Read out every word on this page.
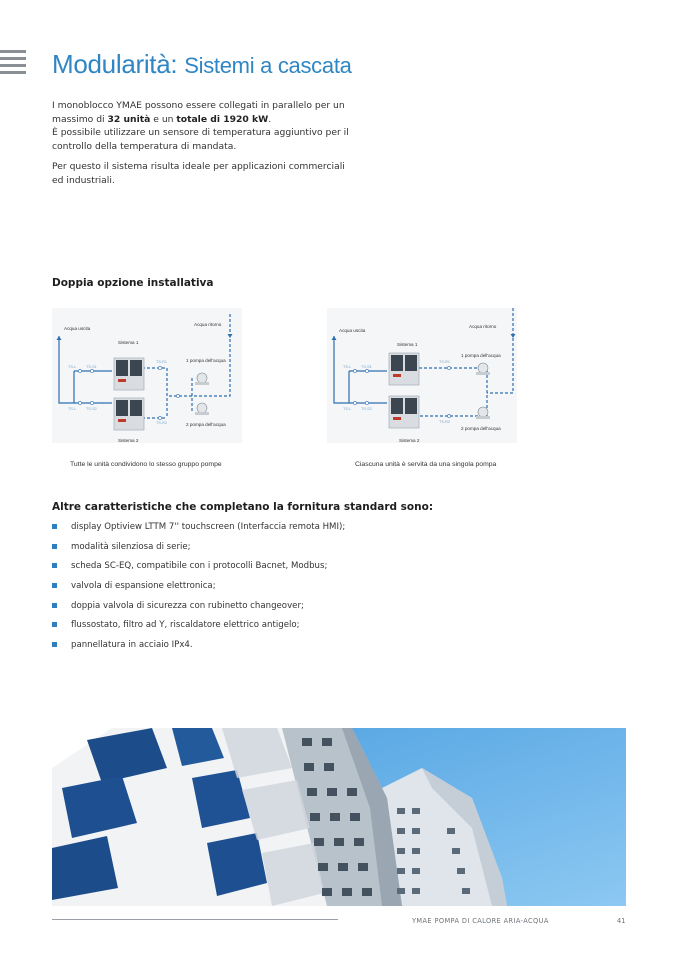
Modularità: Sistemi a cascata

I monoblocco YMAE possono essere collegati in parallelo per un massimo di 32 unità e un totale di 1920 kW.
È possibile utilizzare un sensore di temperatura aggiuntivo per il controllo della temperatura di mandata.

Per questo il sistema risulta ideale per applicazioni commerciali ed industriali.

Doppia opzione installativa
Acqua uscita
Acqua ritorno
Sistema 1
Sistema 2
1 pompa dell'acqua
2 pompa dell'acqua
TS-L	TS-S1
TS-L	TS-S2
TS-R1
TS-R2
Acqua uscita
Acqua ritorno
Sistema 1
Sistema 2
1 pompa dell'acqua
2 pompa dell'acqua
TS-L	TS-S1
TS-L	TS-S2
TS-R1
TS-R2
Tutte le unità condividono lo stesso gruppo pompe	Ciascuna unità è servita da una singola pompa
Altre caratteristiche che completano la fornitura standard sono:
display Optiview LTTM 7'' touchscreen (Interfaccia remota HMI);
modalità silenziosa di serie;
scheda SC-EQ, compatibile con i protocolli Bacnet, Modbus;
valvola di espansione elettronica;
doppia valvola di sicurezza con rubinetto changeover;
flussostato, filtro ad Y, riscaldatore elettrico antigelo;
pannellatura in acciaio IPx4.
YMAE POMPA DI CALORE ARIA-ACQUA	41
